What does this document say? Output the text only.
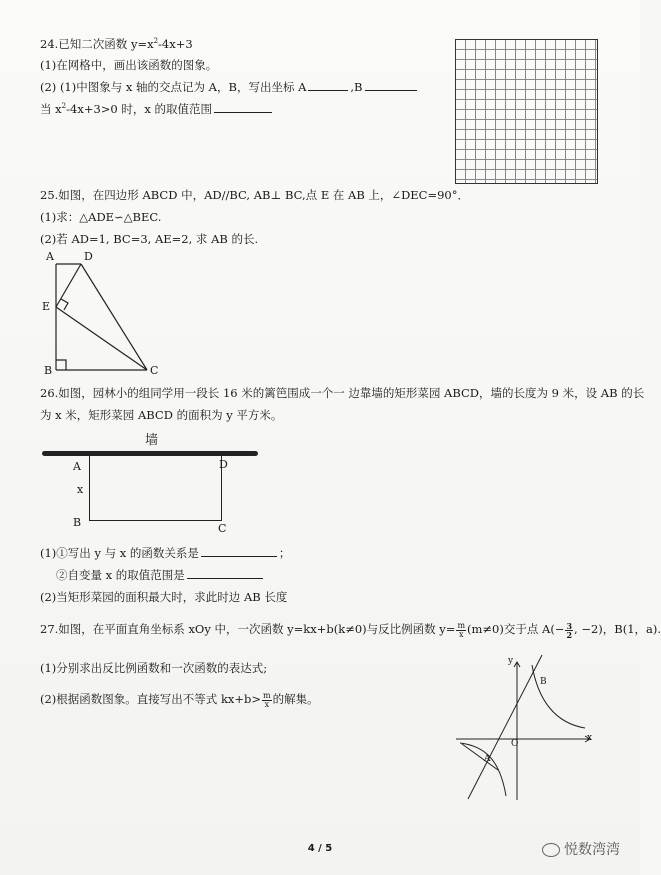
24.已知二次函数 $y=x^2-4x+3$
(1)在网格中，画出该函数的图象。
(2) (1)中图象与 x 轴的交点记为 A，B，写出坐标 A	,B
当 $x^2-4x+3>0$ 时，x 的取值范围
25.如图，在四边形 ABCD 中，AD//BC, AB⊥ BC,点 E 在 AB 上，∠DEC=90°．
(1)求：△ADE∽△BEC.
(2)若 AD=1, BC=3, AE=2, 求 AB 的长.
A	D
E
B	C
26.如图，园林小的组同学用一段长 16 米的篱笆围成一个一 边靠墙的矩形菜园 ABCD，墙的长度为 9 米，设 AB 的长
为 x 米，矩形菜园 ABCD 的面积为 y 平方米。
墙
A	D
x
B	C
(1)①写出 y 与 x 的函数关系是	；
②自变量 x 的取值范围是
(2)当矩形菜园的面积最大时，求此时边 AB 长度
27.如图，在平面直角坐标系 xOy 中，一次函数 y=kx+b(k≠0)与反比例函数 $y= \frac{m}{x} (m\ne 0)$交于点 $A(- \frac{3}{2}$ , −2)，B(1，a).
(1)分别求出反比例函数和一次函数的表达式;
(2)根据函数图象。直接写出不等式 $kx+b> \frac{m}{x}$ 的解集。
y
x
O
A
B
4 / 5	悦数湾湾
